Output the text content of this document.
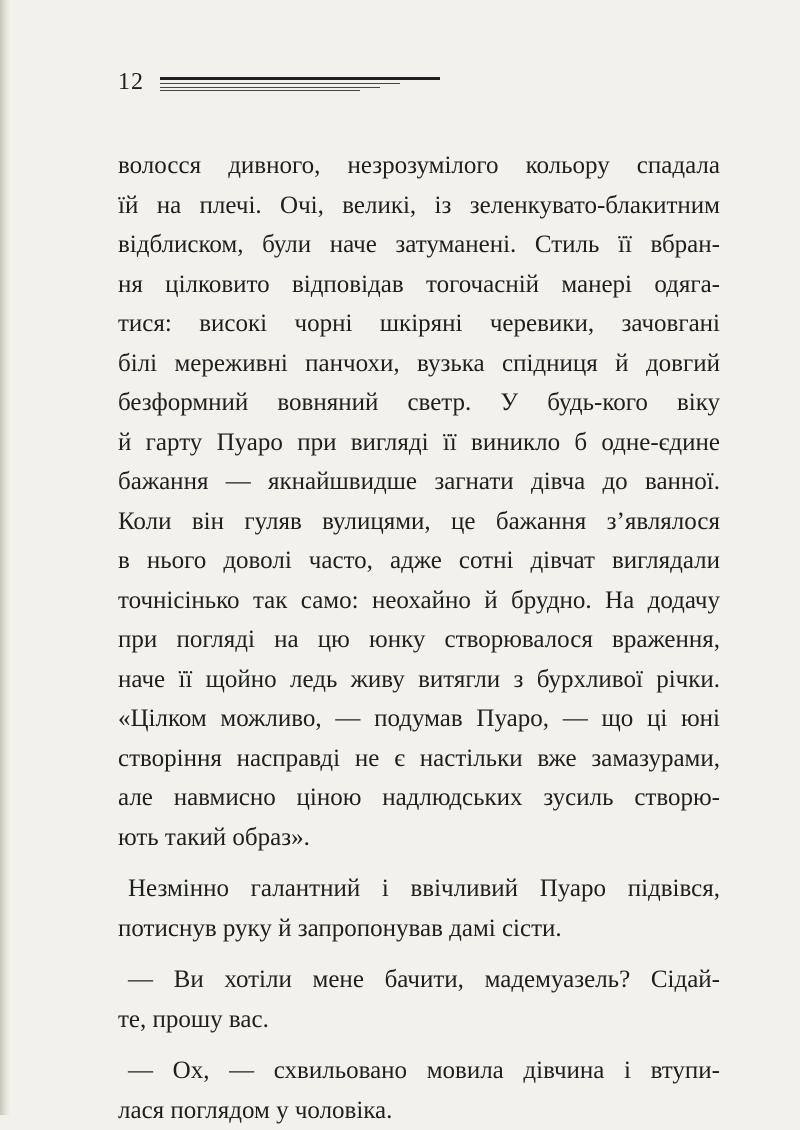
12
волосся дивного, незрозумілого кольору спадала
їй на плечі. Очі, великі, із зеленкувато-блакитним
відблиском, були наче затуманені. Стиль її вбран-
ня цілковито відповідав тогочасній манері одяга-
тися: високі чорні шкіряні черевики, зачовгані
білі мереживні панчохи, вузька спідниця й довгий
безформний вовняний светр. У будь-кого віку
й гарту Пуаро при вигляді її виникло б одне-єдине
бажання — якнайшвидше загнати дівча до ванної.
Коли він гуляв вулицями, це бажання з’являлося
в нього доволі часто, адже сотні дівчат виглядали
точнісінько так само: неохайно й брудно. На додачу
при погляді на цю юнку створювалося враження,
наче її щойно ледь живу витягли з бурхливої річки.
«Цілком можливо, — подумав Пуаро, — що ці юні
створіння насправді не є настільки вже замазурами,
але навмисно ціною надлюдських зусиль створю-
ють такий образ».
Незмінно галантний і ввічливий Пуаро підвівся,
потиснув руку й запропонував дамі сісти.
— Ви хотіли мене бачити, мадемуазель? Сідай-
те, прошу вас.
— Ох, — схвильовано мовила дівчина і втупи-
лася поглядом у чоловіка.
